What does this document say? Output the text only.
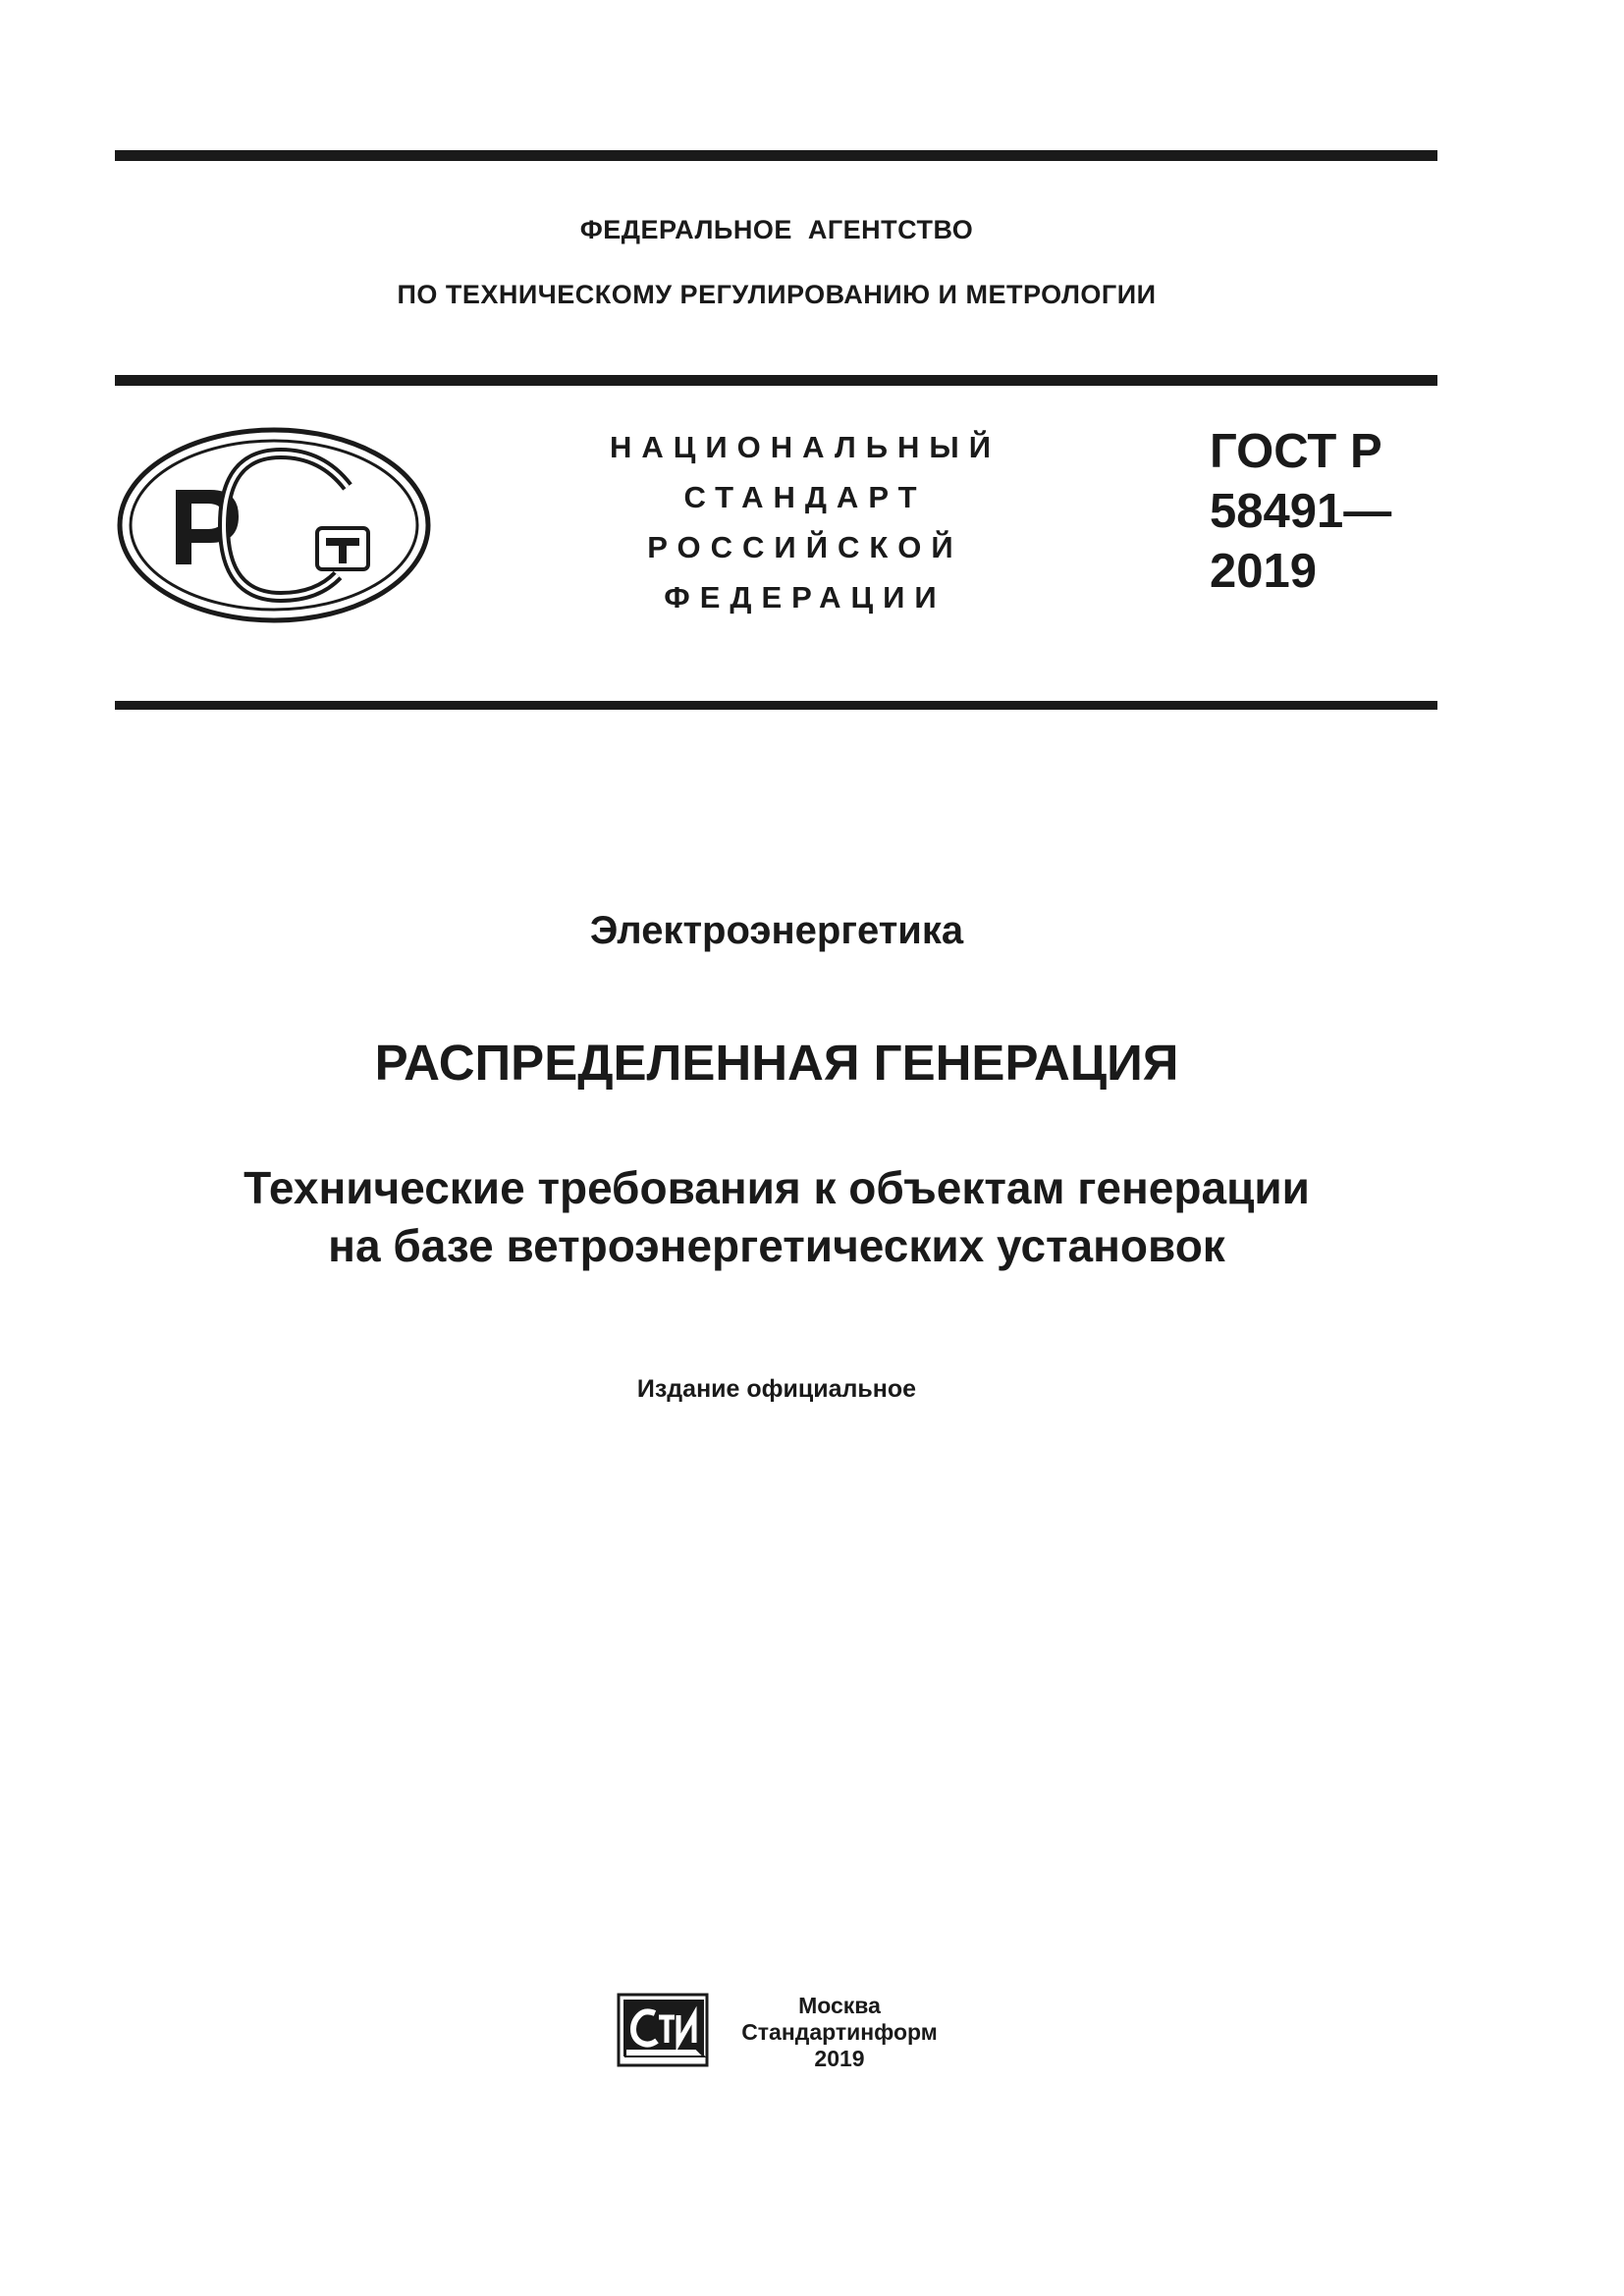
ФЕДЕРАЛЬНОЕ  АГЕНТСТВО
ПО ТЕХНИЧЕСКОМУ РЕГУЛИРОВАНИЮ И МЕТРОЛОГИИ
НАЦИОНАЛЬНЫЙ
СТАНДАРТ
РОССИЙСКОЙ
ФЕДЕРАЦИИ
ГОСТ Р
58491—
2019
Электроэнергетика
РАСПРЕДЕЛЕННАЯ ГЕНЕРАЦИЯ
Технические требования к объектам генерации
на базе ветроэнергетических установок
Издание официальное
Москва
Стандартинформ
2019
